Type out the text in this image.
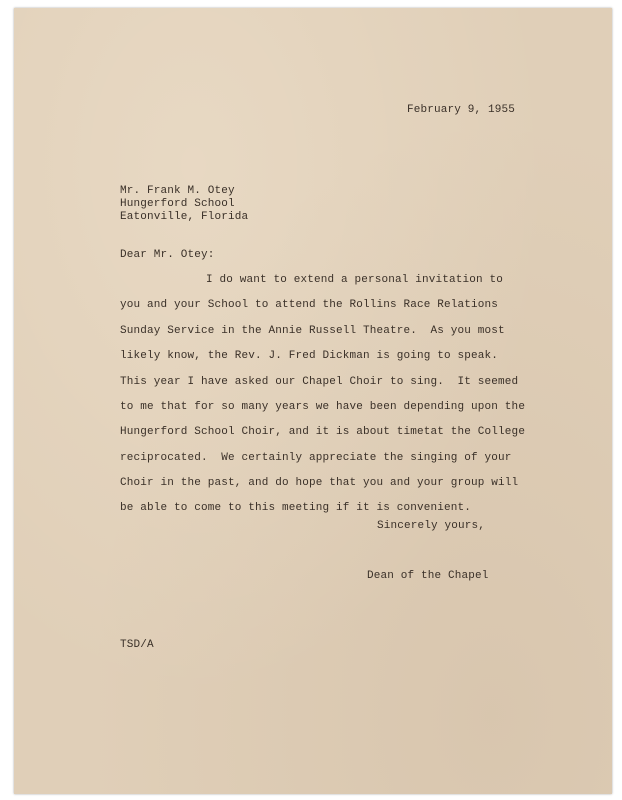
February 9, 1955

Mr. Frank M. Otey

Hungerford School

Eatonville, Florida

Dear Mr. Otey:

I do want to extend a personal invitation to

you and your School to attend the Rollins Race Relations

Sunday Service in the Annie Russell Theatre.  As you most

likely know, the Rev. J. Fred Dickman is going to speak.

This year I have asked our Chapel Choir to sing.  It seemed

to me that for so many years we have been depending upon the

Hungerford School Choir, and it is about timetat the College

reciprocated.  We certainly appreciate the singing of your

Choir in the past, and do hope that you and your group will

be able to come to this meeting if it is convenient.

Sincerely yours,

Dean of the Chapel

TSD/A
